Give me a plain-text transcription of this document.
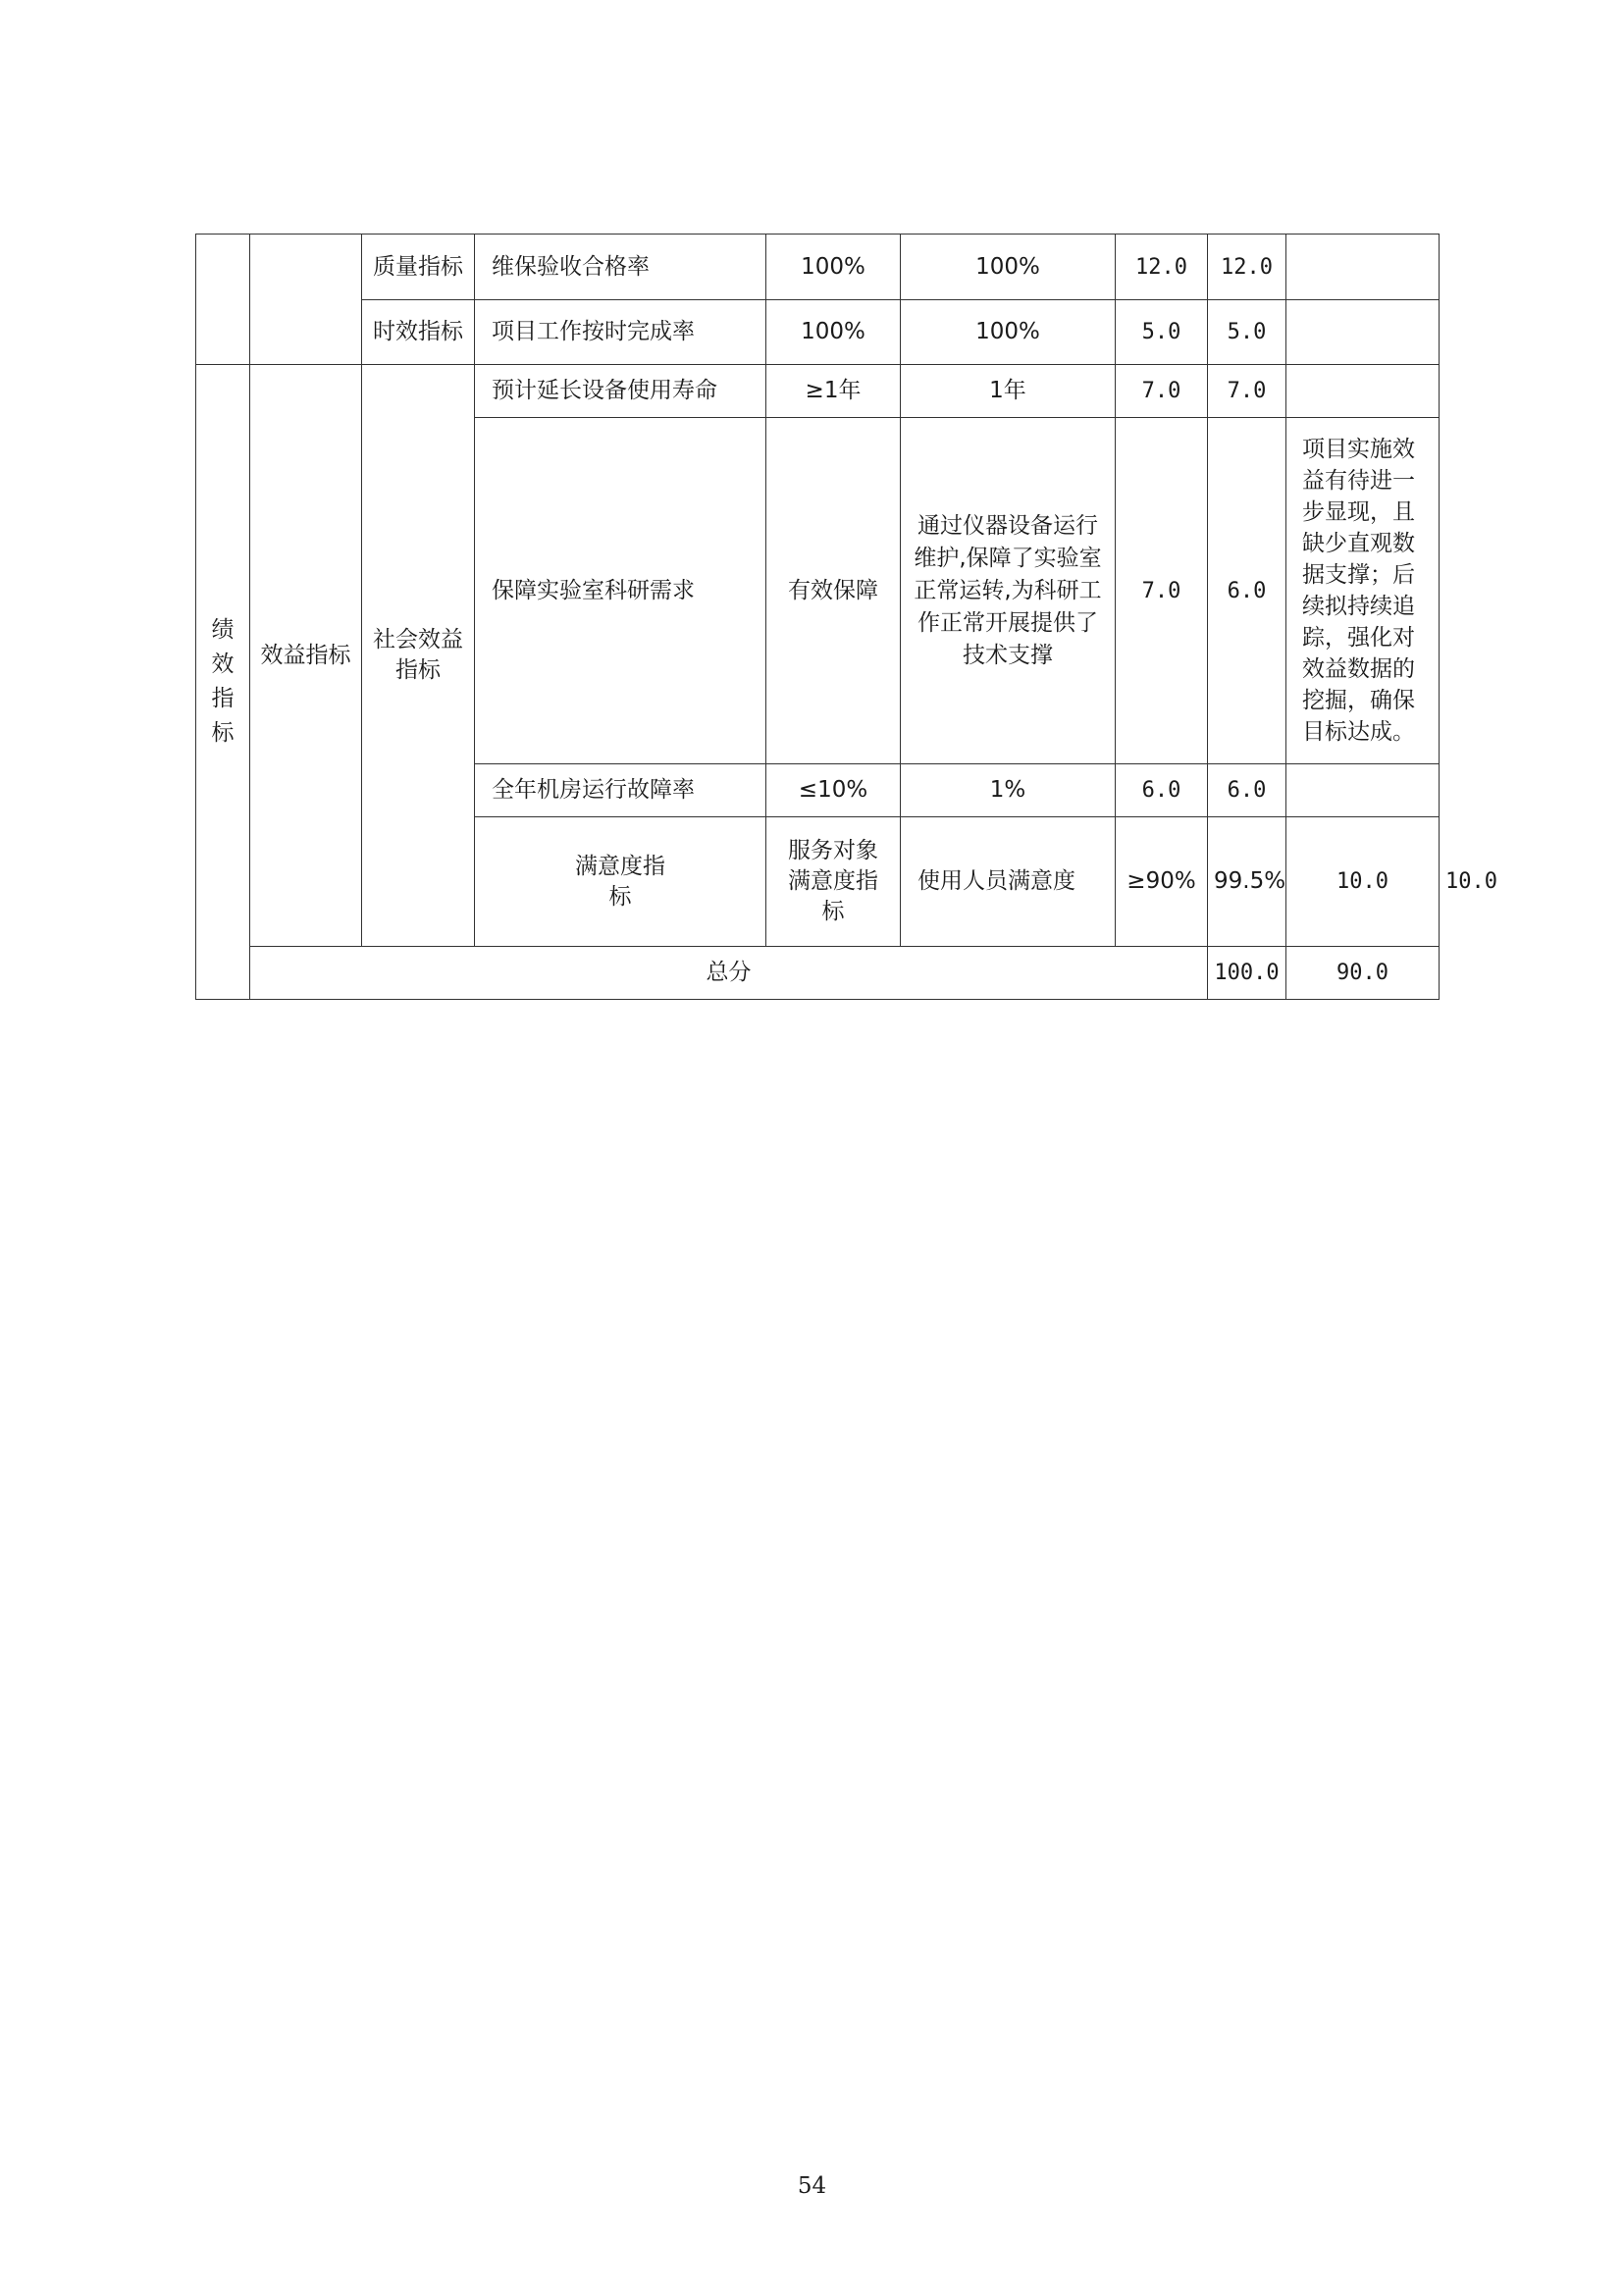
		质量指标	维保验收合格率	100%	100%	12.0	12.0		
		时效指标	项目工作按时完成率	100%	100%	5.0	5.0		

绩效指标	效益指标	社会效益指标	预计延长设备使用寿命	≥1年	1年	7.0	7.0		
			保障实验室科研需求	有效保障	通过仪器设备运行维护,保障了实验室正常运转,为科研工作正常开展提供了技术支撑	7.0	6.0	项目实施效益有待进一步显现，且缺少直观数据支撑；后续拟持续追踪，强化对效益数据的挖掘，确保目标达成。	
			全年机房运行故障率	≤10%	1%	6.0	6.0		

			满意度指标	服务对象满意度指标	使用人员满意度	≥90%	99.5%	10.0	10.0	
	总分						100.0	90.0	
54
